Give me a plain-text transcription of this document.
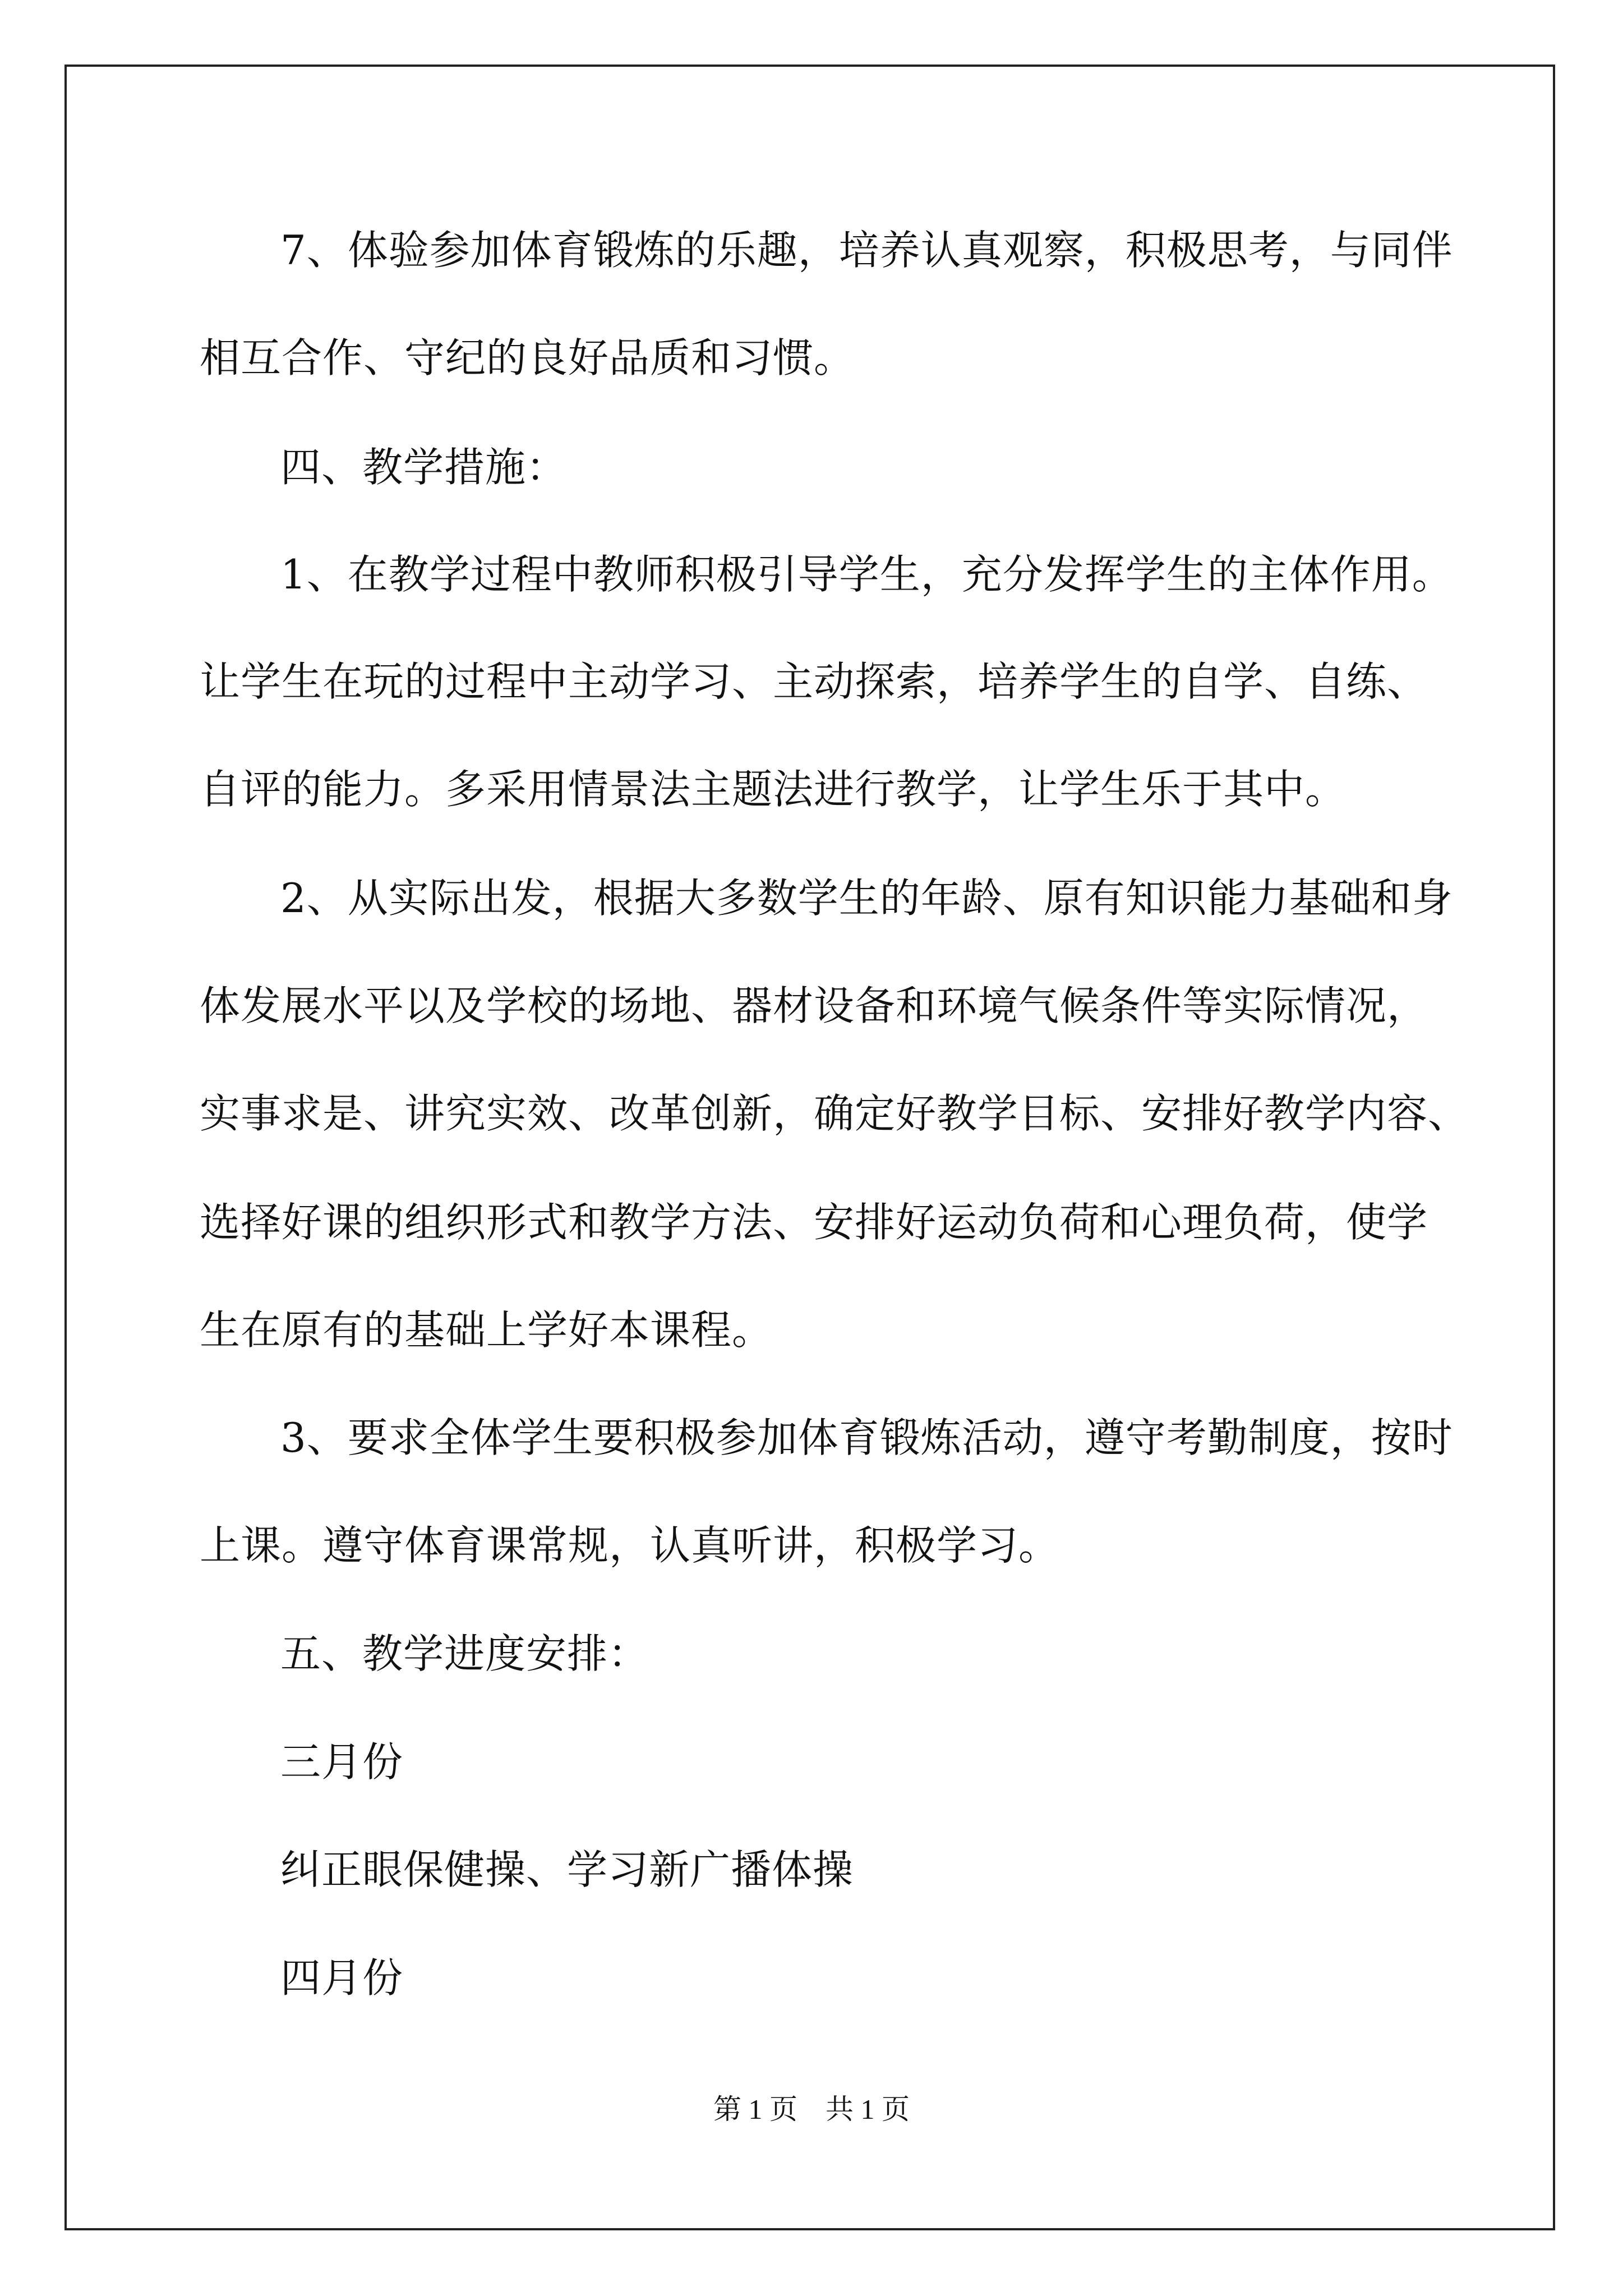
7、体验参加体育锻炼的乐趣，培养认真观察，积极思考，与同伴
相互合作、守纪的良好品质和习惯。
四、教学措施：
1、在教学过程中教师积极引导学生，充分发挥学生的主体作用。
让学生在玩的过程中主动学习、主动探索，培养学生的自学、自练、
自评的能力。多采用情景法主题法进行教学，让学生乐于其中。
2、从实际出发，根据大多数学生的年龄、原有知识能力基础和身
体发展水平以及学校的场地、器材设备和环境气候条件等实际情况，
实事求是、讲究实效、改革创新，确定好教学目标、安排好教学内容、
选择好课的组织形式和教学方法、安排好运动负荷和心理负荷，使学
生在原有的基础上学好本课程。
3、要求全体学生要积极参加体育锻炼活动，遵守考勤制度，按时
上课。遵守体育课常规，认真听讲，积极学习。
五、教学进度安排：
三月份
纠正眼保健操、学习新广播体操
四月份
第 1 页　共 1 页
